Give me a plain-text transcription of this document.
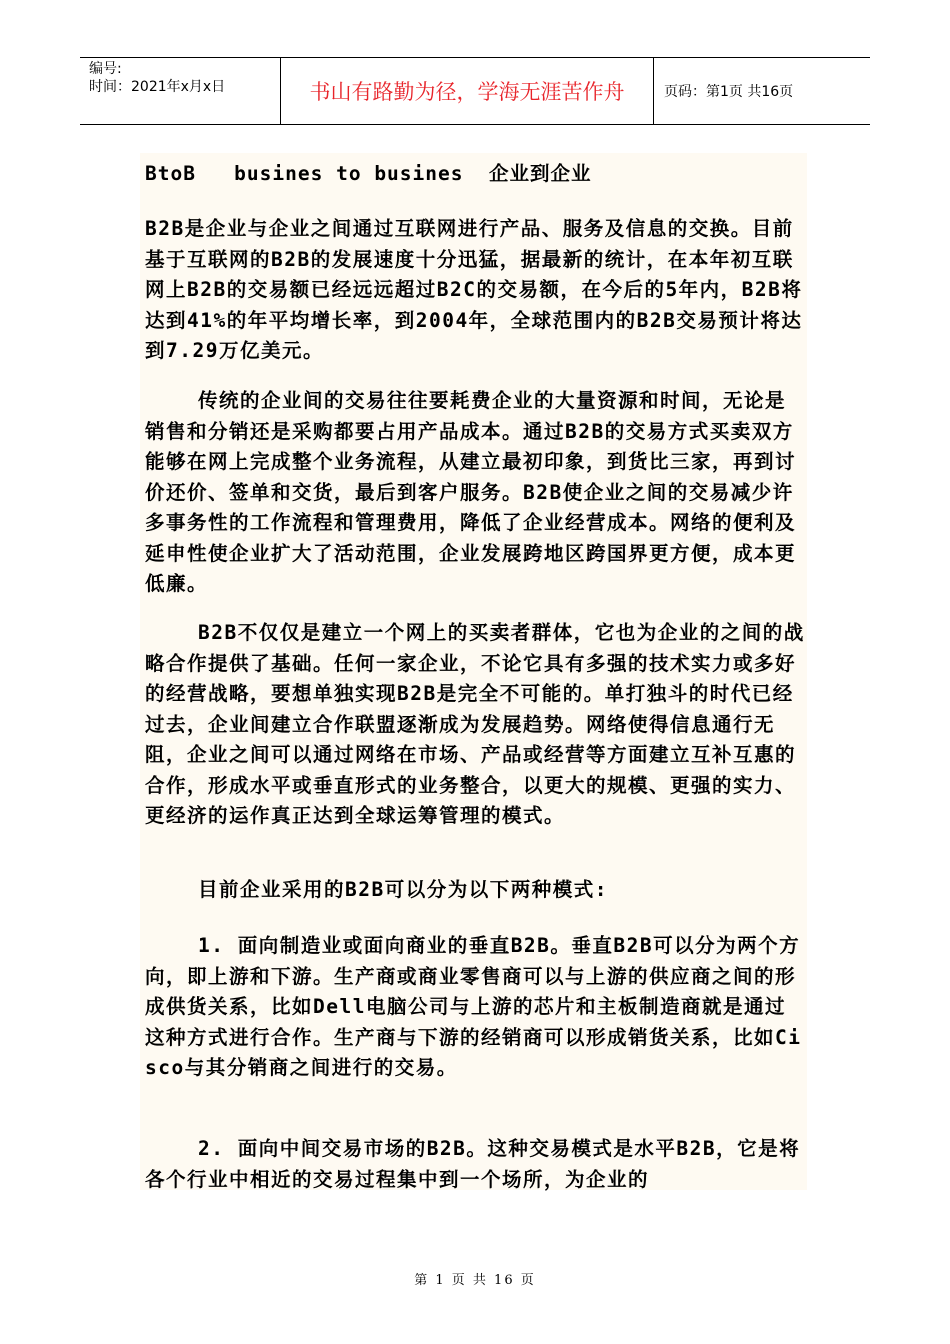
编号:
时间：2021年x月x日	书山有路勤为径，学海无涯苦作舟	页码：第1页 共16页
BtoB   busines to busines  企业到企业

B2B是企业与企业之间通过互联网进行产品、服务及信息的交换。目前基于互联网的B2B的发展速度十分迅猛，据最新的统计，在本年初互联网上B2B的交易额已经远远超过B2C的交易额，在今后的5年内，B2B将达到41%的年平均增长率，到2004年，全球范围内的B2B交易预计将达到7.29万亿美元。

传统的企业间的交易往往要耗费企业的大量资源和时间，无论是销售和分销还是采购都要占用产品成本。通过B2B的交易方式买卖双方能够在网上完成整个业务流程，从建立最初印象，到货比三家，再到讨价还价、签单和交货，最后到客户服务。B2B使企业之间的交易减少许多事务性的工作流程和管理费用，降低了企业经营成本。网络的便利及延申性使企业扩大了活动范围，企业发展跨地区跨国界更方便，成本更低廉。

B2B不仅仅是建立一个网上的买卖者群体，它也为企业的之间的战略合作提供了基础。任何一家企业，不论它具有多强的技术实力或多好的经营战略，要想单独实现B2B是完全不可能的。单打独斗的时代已经过去，企业间建立合作联盟逐渐成为发展趋势。网络使得信息通行无阻，企业之间可以通过网络在市场、产品或经营等方面建立互补互惠的合作，形成水平或垂直形式的业务整合，以更大的规模、更强的实力、更经济的运作真正达到全球运筹管理的模式。

目前企业采用的B2B可以分为以下两种模式:

1. 面向制造业或面向商业的垂直B2B。垂直B2B可以分为两个方向，即上游和下游。生产商或商业零售商可以与上游的供应商之间的形成供货关系，比如Dell电脑公司与上游的芯片和主板制造商就是通过这种方式进行合作。生产商与下游的经销商可以形成销货关系，比如Cisco与其分销商之间进行的交易。

2. 面向中间交易市场的B2B。这种交易模式是水平B2B，它是将各个行业中相近的交易过程集中到一个场所，为企业的

第 1 页 共 16 页
